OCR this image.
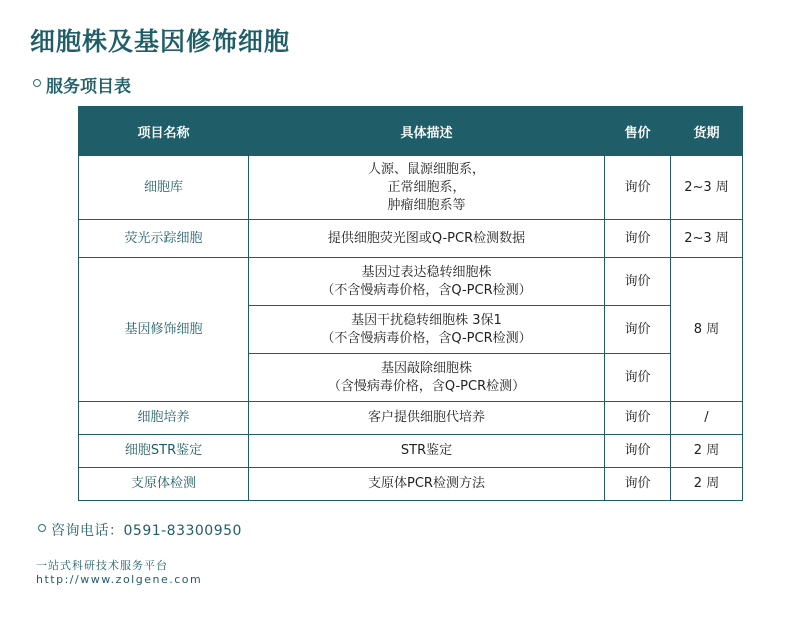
细胞株及基因修饰细胞
服务项目表
项目名称	具体描述	售价	货期
细胞库	人源、鼠源细胞系，
正常细胞系，
肿瘤细胞系等	询价	2~3 周
荧光示踪细胞	提供细胞荧光图或Q-PCR检测数据	询价	2~3 周
基因修饰细胞	基因过表达稳转细胞株
（不含慢病毒价格，含Q-PCR检测）	询价	8 周

	基因干扰稳转细胞株 3保1
（不含慢病毒价格，含Q-PCR检测）	询价	

	基因敲除细胞株
（含慢病毒价格，含Q-PCR检测）	询价	
细胞培养	客户提供细胞代培养	询价	/
细胞STR鉴定	STR鉴定	询价	2 周
支原体检测	支原体PCR检测方法	询价	2 周
咨询电话：0591-83300950
一站式科研技术服务平台
http://www.zolgene.com
